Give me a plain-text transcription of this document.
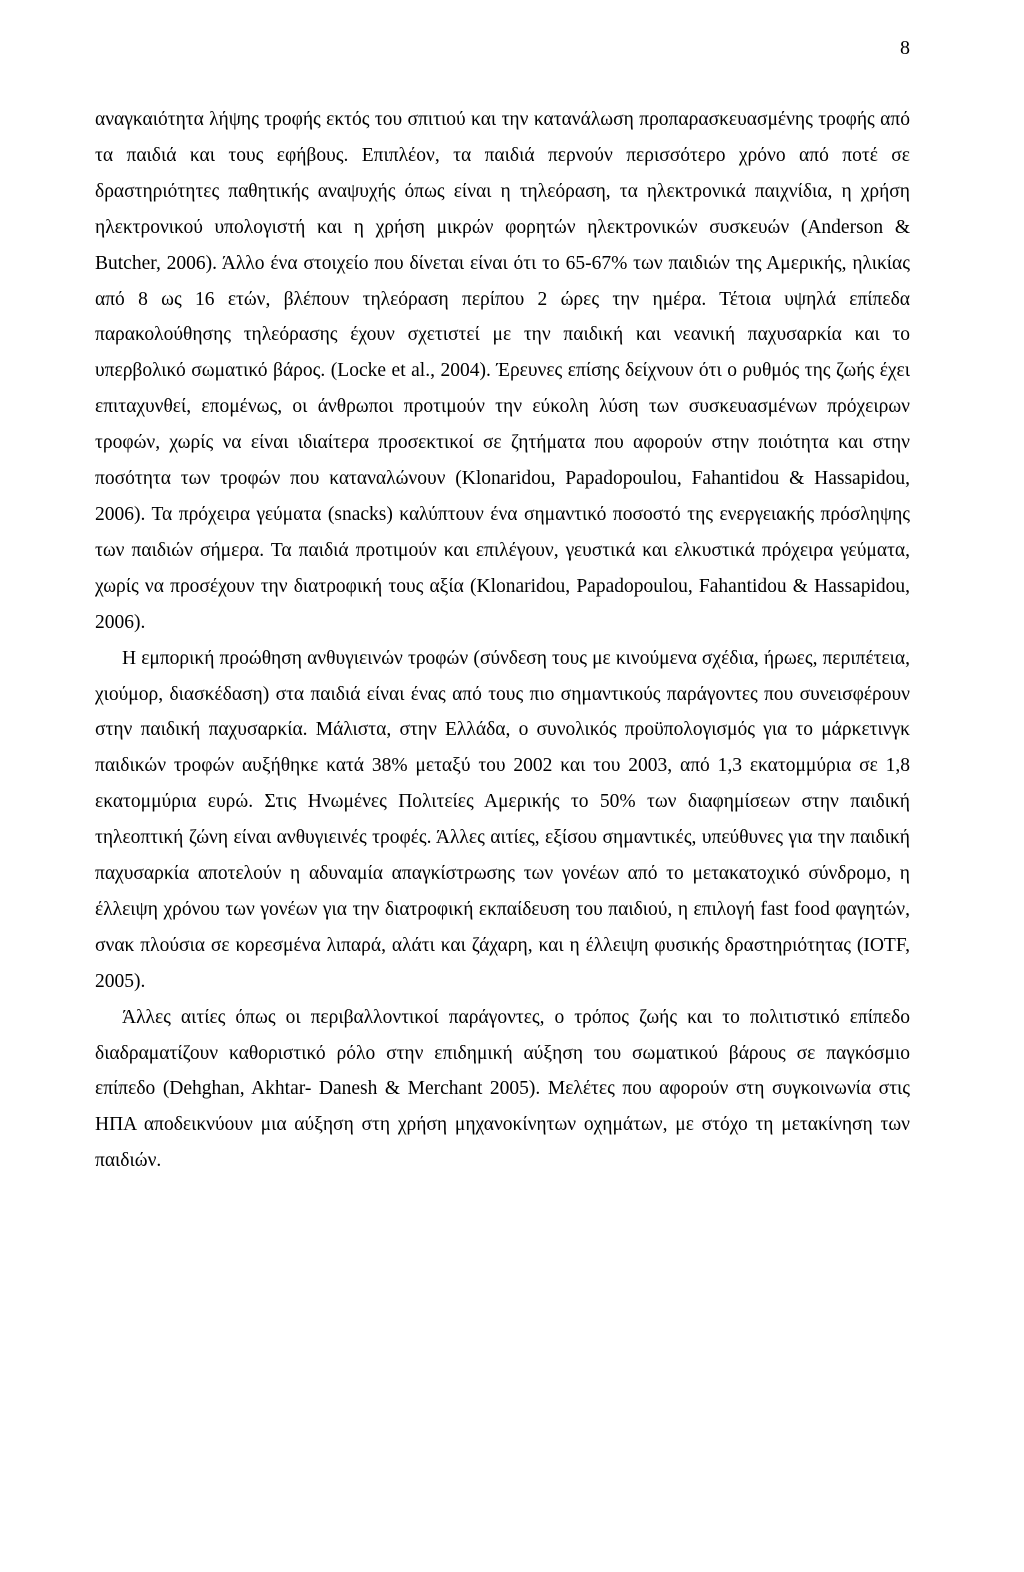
8

αναγκαιότητα λήψης τροφής εκτός του σπιτιού και την κατανάλωση προπαρασκευασμένης τροφής από τα παιδιά και τους εφήβους. Επιπλέον, τα παιδιά περνούν περισσότερο χρόνο από ποτέ σε δραστηριότητες παθητικής αναψυχής όπως είναι η τηλεόραση, τα ηλεκτρονικά παιχνίδια, η χρήση ηλεκτρονικού υπολογιστή και η χρήση μικρών φορητών ηλεκτρονικών συσκευών (Anderson & Butcher, 2006). Άλλο ένα στοιχείο που δίνεται είναι ότι το 65-67% των παιδιών της Αμερικής, ηλικίας από 8 ως 16 ετών, βλέπουν τηλεόραση περίπου 2 ώρες την ημέρα. Τέτοια υψηλά επίπεδα παρακολούθησης τηλεόρασης έχουν σχετιστεί με την παιδική και νεανική παχυσαρκία και το υπερβολικό σωματικό βάρος. (Locke et al., 2004). Έρευνες επίσης δείχνουν ότι ο ρυθμός της ζωής έχει επιταχυνθεί, επομένως, οι άνθρωποι προτιμούν την εύκολη λύση των συσκευασμένων πρόχειρων τροφών, χωρίς να είναι ιδιαίτερα προσεκτικοί σε ζητήματα που αφορούν στην ποιότητα και στην ποσότητα των τροφών που καταναλώνουν (Klonaridou, Papadopoulou, Fahantidou & Hassapidou, 2006). Τα πρόχειρα γεύματα (snacks) καλύπτουν ένα σημαντικό ποσοστό της ενεργειακής πρόσληψης των παιδιών σήμερα. Τα παιδιά προτιμούν και επιλέγουν, γευστικά και ελκυστικά πρόχειρα γεύματα, χωρίς να προσέχουν την διατροφική τους αξία (Klonaridou, Papadopoulou, Fahantidou & Hassapidou, 2006).

Η εμπορική προώθηση ανθυγιεινών τροφών (σύνδεση τους με κινούμενα σχέδια, ήρωες, περιπέτεια, χιούμορ, διασκέδαση) στα παιδιά είναι ένας από τους πιο σημαντικούς παράγοντες που συνεισφέρουν στην παιδική παχυσαρκία. Μάλιστα, στην Ελλάδα, ο συνολικός προϋπολογισμός για το μάρκετινγκ παιδικών τροφών αυξήθηκε κατά 38% μεταξύ του 2002 και του 2003, από 1,3 εκατομμύρια σε 1,8 εκατομμύρια ευρώ. Στις Ηνωμένες Πολιτείες Αμερικής το 50% των διαφημίσεων στην παιδική τηλεοπτική ζώνη είναι ανθυγιεινές τροφές. Άλλες αιτίες, εξίσου σημαντικές, υπεύθυνες για την παιδική παχυσαρκία αποτελούν η αδυναμία απαγκίστρωσης των γονέων από το μετακατοχικό σύνδρομο, η έλλειψη χρόνου των γονέων για την διατροφική εκπαίδευση του παιδιού, η επιλογή fast food φαγητών, σνακ πλούσια σε κορεσμένα λιπαρά, αλάτι και ζάχαρη, και η έλλειψη φυσικής δραστηριότητας (IOTF, 2005).

Άλλες αιτίες όπως οι περιβαλλοντικοί παράγοντες, ο τρόπος ζωής και το πολιτιστικό επίπεδο διαδραματίζουν καθοριστικό ρόλο στην επιδημική αύξηση του σωματικού βάρους σε παγκόσμιο επίπεδο (Dehghan, Akhtar- Danesh & Merchant 2005). Μελέτες που αφορούν στη συγκοινωνία στις ΗΠΑ αποδεικνύουν μια αύξηση στη χρήση μηχανοκίνητων οχημάτων, με στόχο τη μετακίνηση των παιδιών.
